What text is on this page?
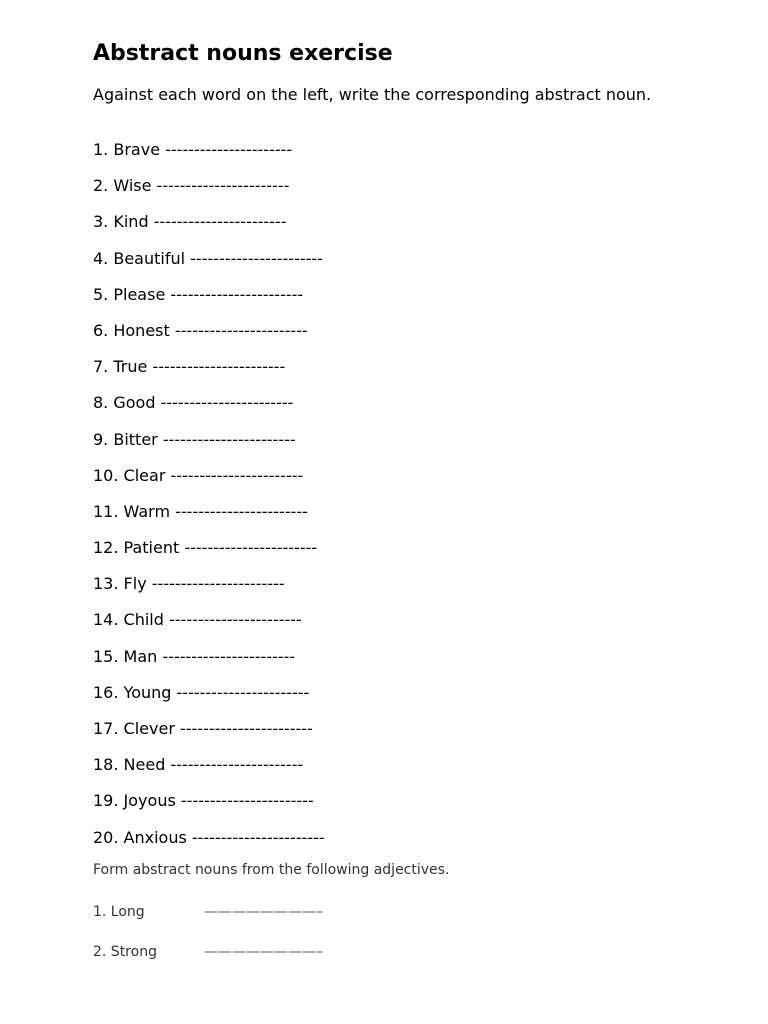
Abstract nouns exercise
Against each word on the left, write the corresponding abstract noun.
1. Brave ----------------------
2. Wise -----------------------
3. Kind -----------------------
4. Beautiful -----------------------
5. Please -----------------------
6. Honest -----------------------
7. True -----------------------
8. Good -----------------------
9. Bitter -----------------------
10. Clear -----------------------
11. Warm -----------------------
12. Patient -----------------------
13. Fly -----------------------
14. Child -----------------------
15. Man -----------------------
16. Young -----------------------
17. Clever -----------------------
18. Need -----------------------
19. Joyous -----------------------
20. Anxious -----------------------
Form abstract nouns from the following adjectives.
1. Long	————————–
2. Strong	————————–
